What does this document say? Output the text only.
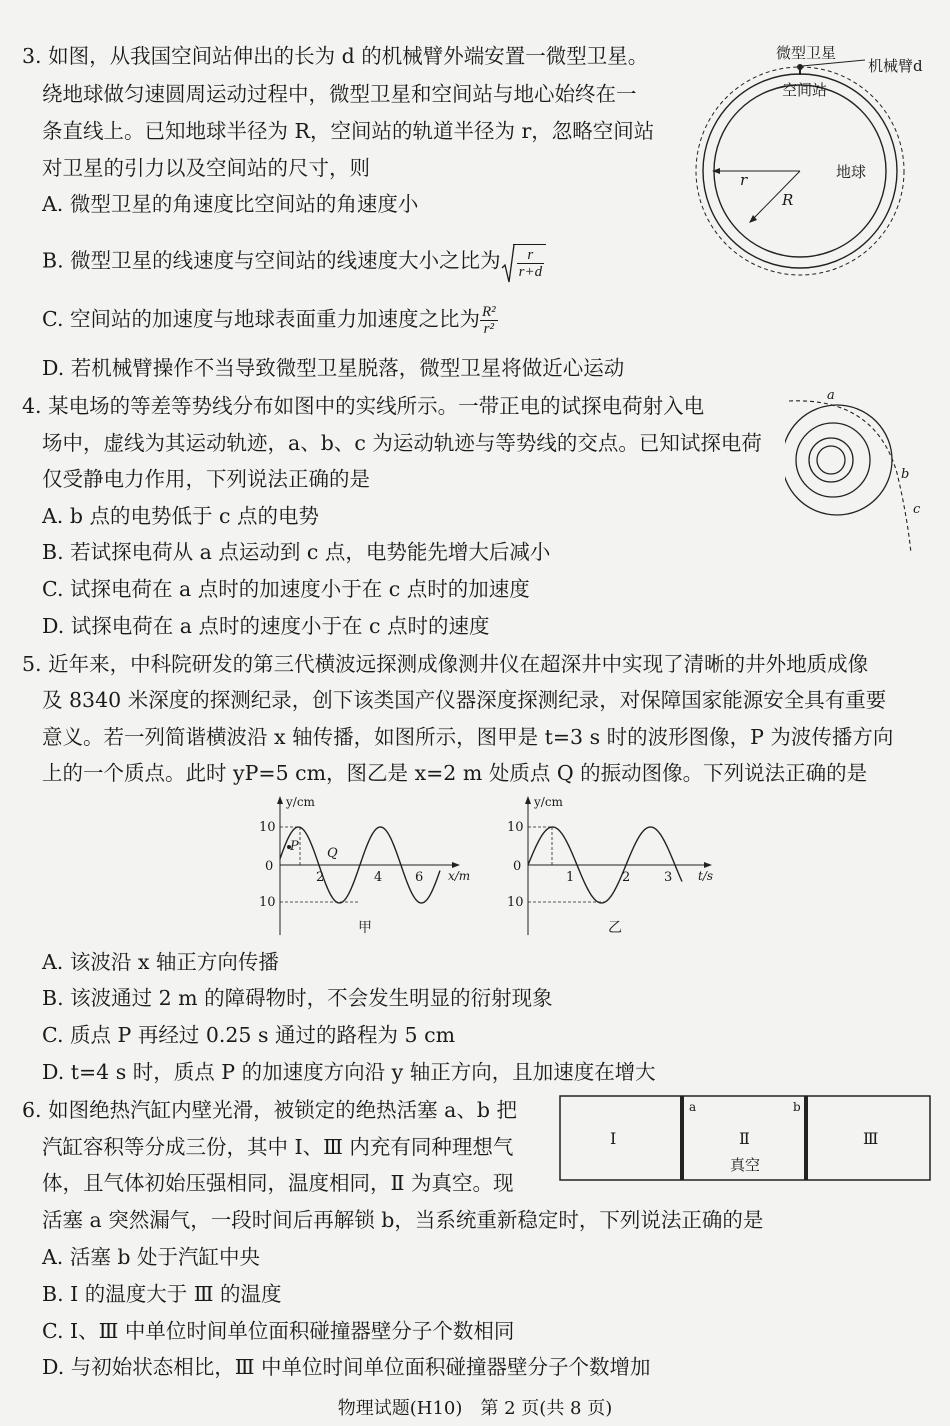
3. 如图，从我国空间站伸出的长为 d 的机械臂外端安置一微型卫星。
绕地球做匀速圆周运动过程中，微型卫星和空间站与地心始终在一
条直线上。已知地球半径为 R，空间站的轨道半径为 r，忽略空间站
对卫星的引力以及空间站的尺寸，则
A. 微型卫星的角速度比空间站的角速度小
B. 微型卫星的线速度与空间站的线速度大小之比为 $\frac{r}{r+d}$
C. 空间站的加速度与地球表面重力加速度之比为 $\frac{\text{R²}}{\text{r²}}$
D. 若机械臂操作不当导致微型卫星脱落，微型卫星将做近心运动
微型卫星
机械臂d
空间站
地球
r
R
4. 某电场的等差等势线分布如图中的实线所示。一带正电的试探电荷射入电
场中，虚线为其运动轨迹，a、b、c 为运动轨迹与等势线的交点。已知试探电荷
仅受静电力作用，下列说法正确的是
A. b 点的电势低于 c 点的电势
B. 若试探电荷从 a 点运动到 c 点，电势能先增大后减小
C. 试探电荷在 a 点时的加速度小于在 c 点时的加速度
D. 试探电荷在 a 点时的速度小于在 c 点时的速度
a
b
c
5. 近年来，中科院研发的第三代横波远探测成像测井仪在超深井中实现了清晰的井外地质成像
及 8340 米深度的探测纪录，创下该类国产仪器深度探测纪录，对保障国家能源安全具有重要
意义。若一列简谐横波沿 x 轴传播，如图所示，图甲是 t=3 s 时的波形图像，P 为波传播方向
上的一个质点。此时 yP=5 cm，图乙是 x=2 m 处质点 Q 的振动图像。下列说法正确的是
P Q
y/cm
10
0
10
2	4	6 x/m
甲
y/cm
10
0
10
1	2	3 t/s
乙
A. 该波沿 x 轴正方向传播
B. 该波通过 2 m 的障碍物时，不会发生明显的衍射现象
C. 质点 P 再经过 0.25 s 通过的路程为 5 cm
D. t=4 s 时，质点 P 的加速度方向沿 y 轴正方向，且加速度在增大
6. 如图绝热汽缸内壁光滑，被锁定的绝热活塞 a、b 把
汽缸容积等分成三份，其中 Ⅰ、Ⅲ 内充有同种理想气
体，且气体初始压强相同，温度相同，Ⅱ 为真空。现
活塞 a 突然漏气，一段时间后再解锁 b，当系统重新稳定时，下列说法正确的是
a	b
Ⅰ	Ⅱ
真空
Ⅲ
A. 活塞 b 处于汽缸中央
B. Ⅰ 的温度大于 Ⅲ 的温度
C. Ⅰ、Ⅲ 中单位时间单位面积碰撞器壁分子个数相同
D. 与初始状态相比，Ⅲ 中单位时间单位面积碰撞器壁分子个数增加
物理试题(H10)　第 2 页(共 8 页)
